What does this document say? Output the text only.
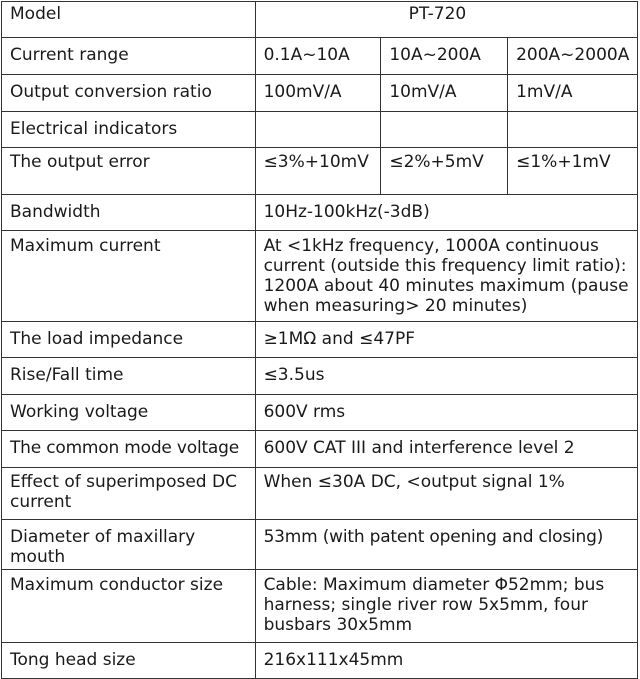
Model	PT-720		
Current range	0.1A~10A	10A~200A	200A~2000A
Output conversion ratio	100mV/A	10mV/A	1mV/A
Electrical indicators			
The output error	≤3%+10mV	≤2%+5mV	≤1%+1mV
Bandwidth	10Hz-100kHz(-3dB)		
Maximum current	At <1kHz frequency, 1000A continuous current (outside this frequency limit ratio): 1200A about 40 minutes maximum (pause when measuring> 20 minutes)		
The load impedance	≥1MΩ and ≤47PF		
Rise/Fall time	≤3.5us		
Working voltage	600V rms		
The common mode voltage	600V CAT III and interference level 2		
Effect of superimposed DC current	When ≤30A DC, <output signal 1%		
Diameter of maxillary mouth	53mm (with patent opening and closing)		
Maximum conductor size	Cable: Maximum diameter Φ52mm; bus harness; single river row 5x5mm, four busbars 30x5mm		
Tong head size	216x111x45mm		
